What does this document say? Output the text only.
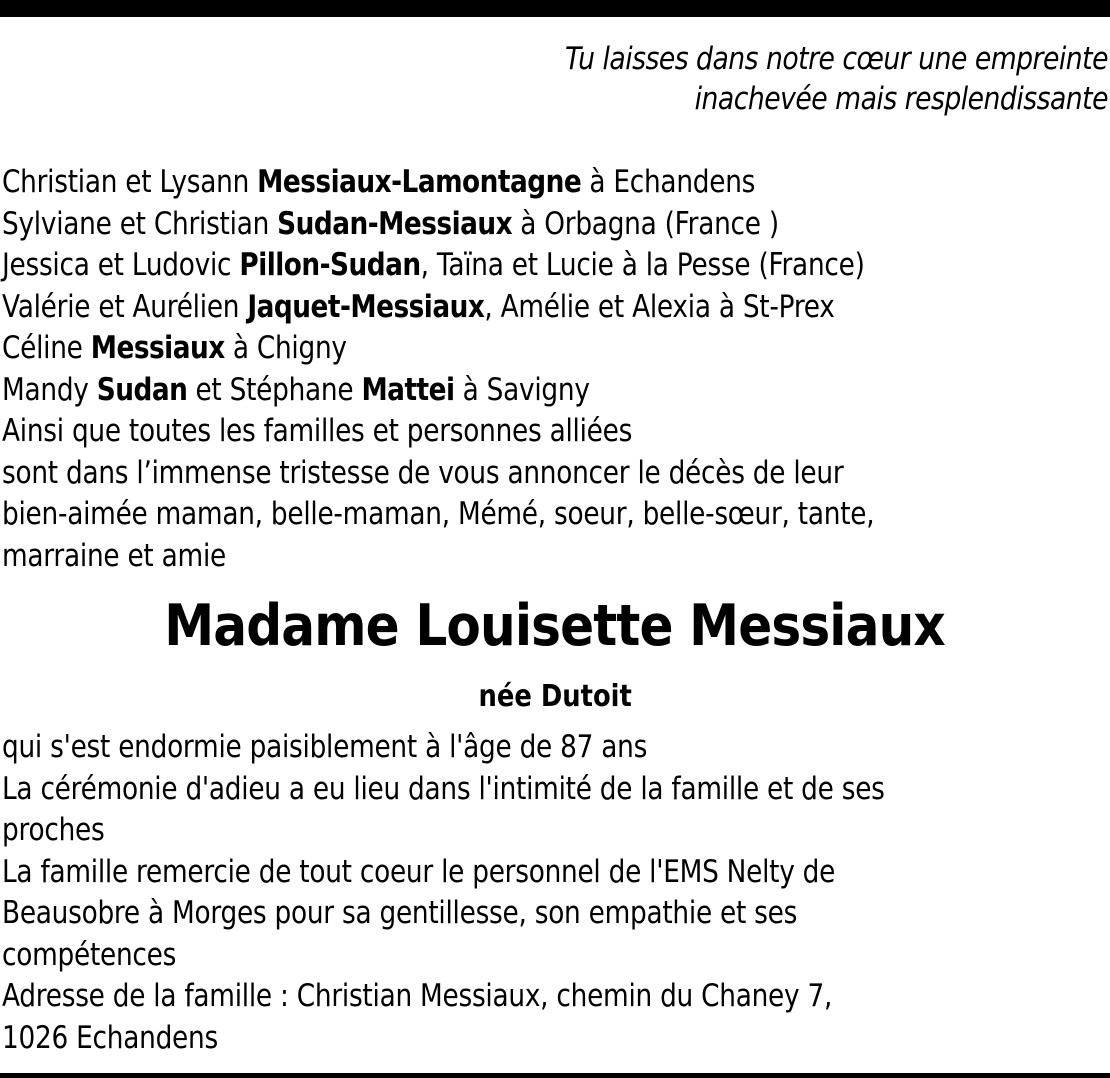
Tu laisses dans notre cœur une empreinte
inachevée mais resplendissante
Christian et Lysann Messiaux-Lamontagne à Echandens
Sylviane et Christian Sudan-Messiaux à Orbagna (France )
Jessica et Ludovic Pillon-Sudan, Taïna et Lucie à la Pesse (France)
Valérie et Aurélien Jaquet-Messiaux, Amélie et Alexia à St-Prex
Céline Messiaux à Chigny
Mandy Sudan et Stéphane Mattei à Savigny
Ainsi que toutes les familles et personnes alliées
sont dans l’immense tristesse de vous annoncer le décès de leur
bien-aimée maman, belle-maman, Mémé, soeur, belle-sœur, tante,
marraine et amie
Madame Louisette Messiaux
née Dutoit
qui s'est endormie paisiblement à l'âge de 87 ans
La cérémonie d'adieu a eu lieu dans l'intimité de la famille et de ses
proches
La famille remercie de tout coeur le personnel de l'EMS Nelty de
Beausobre à Morges pour sa gentillesse, son empathie et ses
compétences
Adresse de la famille : Christian Messiaux, chemin du Chaney 7,
1026 Echandens
